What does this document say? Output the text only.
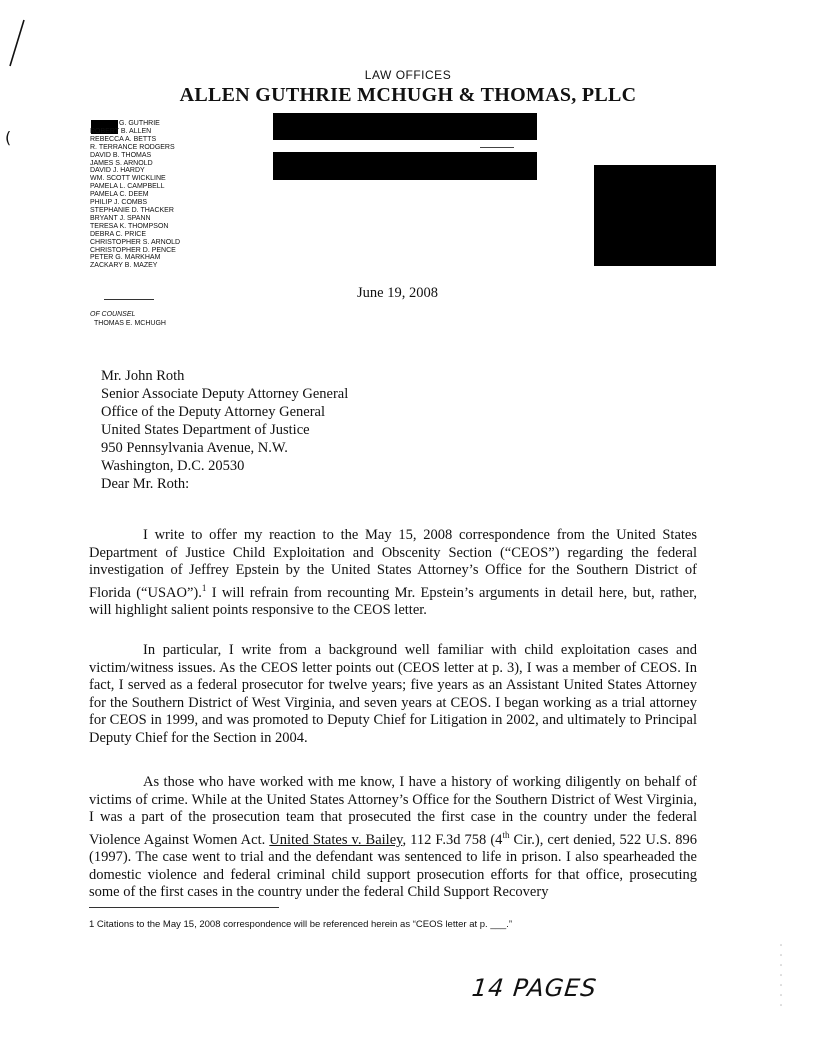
(
LAW OFFICES
ALLEN GUTHRIE MCHUGH & THOMAS, PLLC
G. GUTHRIE
ROBERT B. ALLEN
REBECCA A. BETTS
R. TERRANCE RODGERS
DAVID B. THOMAS
JAMES S. ARNOLD
DAVID J. HARDY
WM. SCOTT WICKLINE
PAMELA L. CAMPBELL
PAMELA C. DEEM
PHILIP J. COMBS
STEPHANIE D. THACKER
BRYANT J. SPANN
TERESA K. THOMPSON
DEBRA C. PRICE
CHRISTOPHER S. ARNOLD
CHRISTOPHER D. PENCE
PETER G. MARKHAM
ZACKARY B. MAZEY
OF COUNSEL
THOMAS E. MCHUGH
June 19, 2008
Mr. John Roth
Senior Associate Deputy Attorney General
Office of the Deputy Attorney General
United States Department of Justice
950 Pennsylvania Avenue, N.W.
Washington, D.C. 20530
Dear Mr. Roth:

I write to offer my reaction to the May 15, 2008 correspondence from the United States Department of Justice Child Exploitation and Obscenity Section (“CEOS”) regarding the federal investigation of Jeffrey Epstein by the United States Attorney’s Office for the Southern District of Florida (“USAO”).$^1$ I will refrain from recounting Mr. Epstein’s arguments in detail here, but, rather, will highlight salient points responsive to the CEOS letter.

In particular, I write from a background well familiar with child exploitation cases and victim/witness issues. As the CEOS letter points out (CEOS letter at p. 3), I was a member of CEOS. In fact, I served as a federal prosecutor for twelve years; five years as an Assistant United States Attorney for the Southern District of West Virginia, and seven years at CEOS. I began working as a trial attorney for CEOS in 1999, and was promoted to Deputy Chief for Litigation in 2002, and ultimately to Principal Deputy Chief for the Section in 2004.

As those who have worked with me know, I have a history of working diligently on behalf of victims of crime. While at the United States Attorney’s Office for the Southern District of West Virginia, I was a part of the prosecution team that prosecuted the first case in the country under the federal Violence Against Women Act. United States v. Bailey, 112 F.3d 758 (4th Cir.), cert denied, 522 U.S. 896 (1997). The case went to trial and the defendant was sentenced to life in prison. I also spearheaded the domestic violence and federal criminal child support prosecution efforts for that office, prosecuting some of the first cases in the country under the federal Child Support Recovery

1 Citations to the May 15, 2008 correspondence will be referenced herein as “CEOS letter at p. ___.”
14 PAGES
